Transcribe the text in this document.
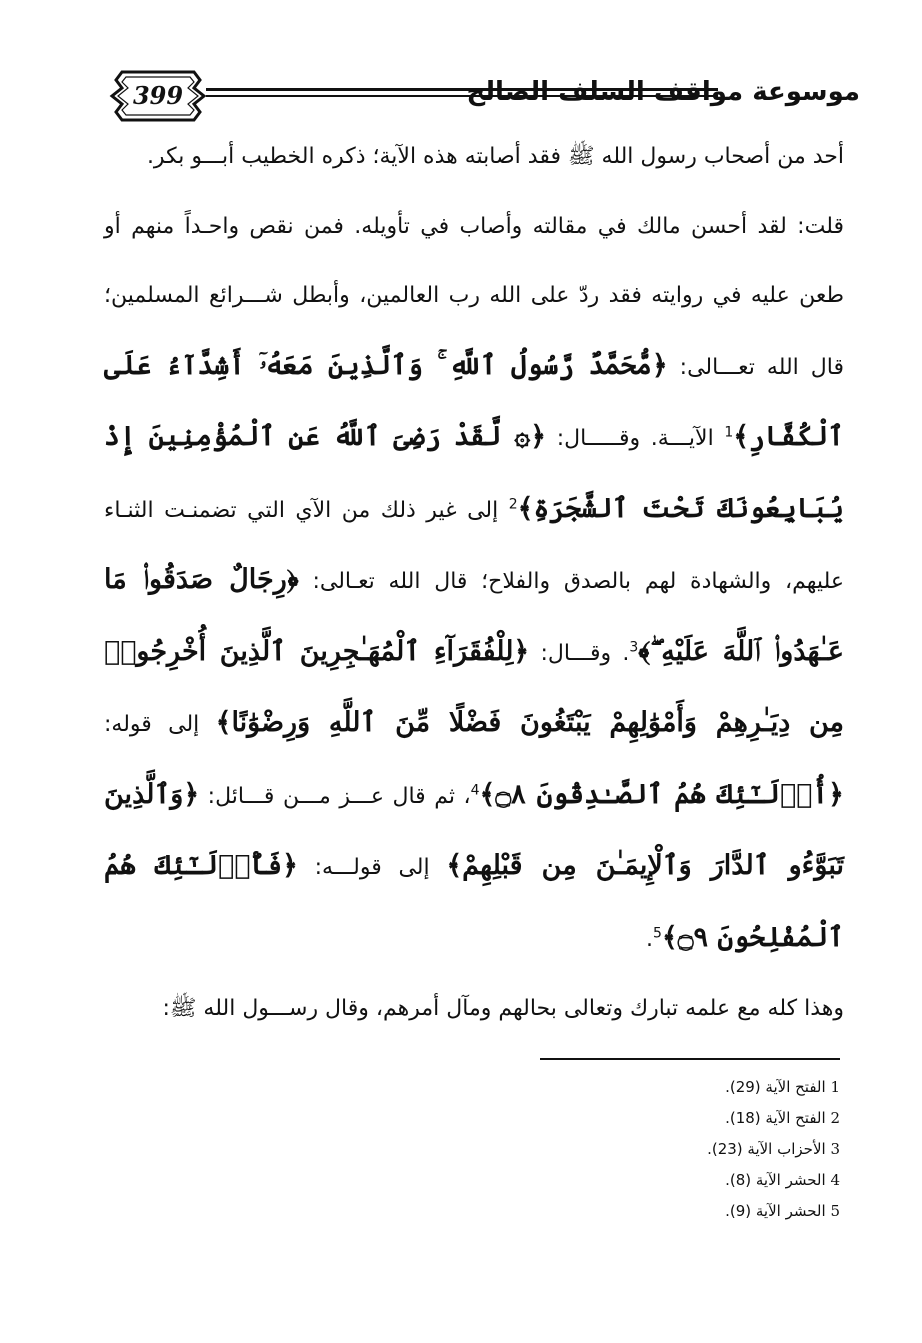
399	موسوعة مواقف السلف الصالح

أحد من أصحاب رسول الله ﷺ فقد أصابته هذه الآية؛ ذكره الخطيب أبـــو بكر.

قلت: لقد أحسن مالك في مقالته وأصاب في تأويله. فمن نقص واحـداً منهم أو طعن عليه في روايته فقد ردّ على الله رب العالمين، وأبطل شـــرائع المسلمين؛ قال الله تعـــالى: ﴿مُّحَمَّدٌ رَّسُولُ ٱللَّهِ ۚ وَٱلَّذِينَ مَعَهُۥٓ أَشِدَّآءُ عَلَى ٱلْكُفَّارِ﴾$^1$ الآيـــة. وقـــــال: ﴿۞ لَّقَدْ رَضِىَ ٱللَّهُ عَنِ ٱلْمُؤْمِنِينَ إِذْ يُبَايِعُونَكَ تَحْتَ ٱلشَّجَرَةِ﴾$^2$ إلى غير ذلك من الآي التي تضمنـت الثنـاء عليهم، والشهادة لهم بالصدق والفلاح؛ قال الله تعـالى: ﴿رِجَالٌ صَدَقُوا۟ مَا عَـٰهَدُوا۟ ٱللَّهَ عَلَيْهِ ۖ﴾$^3$. وقـــال: ﴿لِلْفُقَرَآءِ ٱلْمُهَـٰجِرِينَ ٱلَّذِينَ أُخْرِجُوا۟ مِن دِيَـٰرِهِمْ وَأَمْوَٰلِهِمْ يَبْتَغُونَ فَضْلًا مِّنَ ٱللَّهِ وَرِضْوَٰنًا﴾ إلى قوله: ﴿أُو۟لَـٰٓئِكَ هُمُ ٱلصَّـٰدِقُونَ ۝٨﴾$^4$، ثم قال عـــز مـــن قـــائل: ﴿وَٱلَّذِينَ تَبَوَّءُو ٱلدَّارَ وَٱلْإِيمَـٰنَ مِن قَبْلِهِمْ﴾ إلى قولـــه: ﴿فَأُو۟لَـٰٓئِكَ هُمُ ٱلْمُفْلِحُونَ ۝٩﴾$^5$.

وهذا كله مع علمه تبارك وتعالى بحالهم ومآل أمرهم، وقال رســـول الله ﷺ:

1 الفتح الآية (29).
2 الفتح الآية (18).
3 الأحزاب الآية (23).
4 الحشر الآية (8).
5 الحشر الآية (9).
